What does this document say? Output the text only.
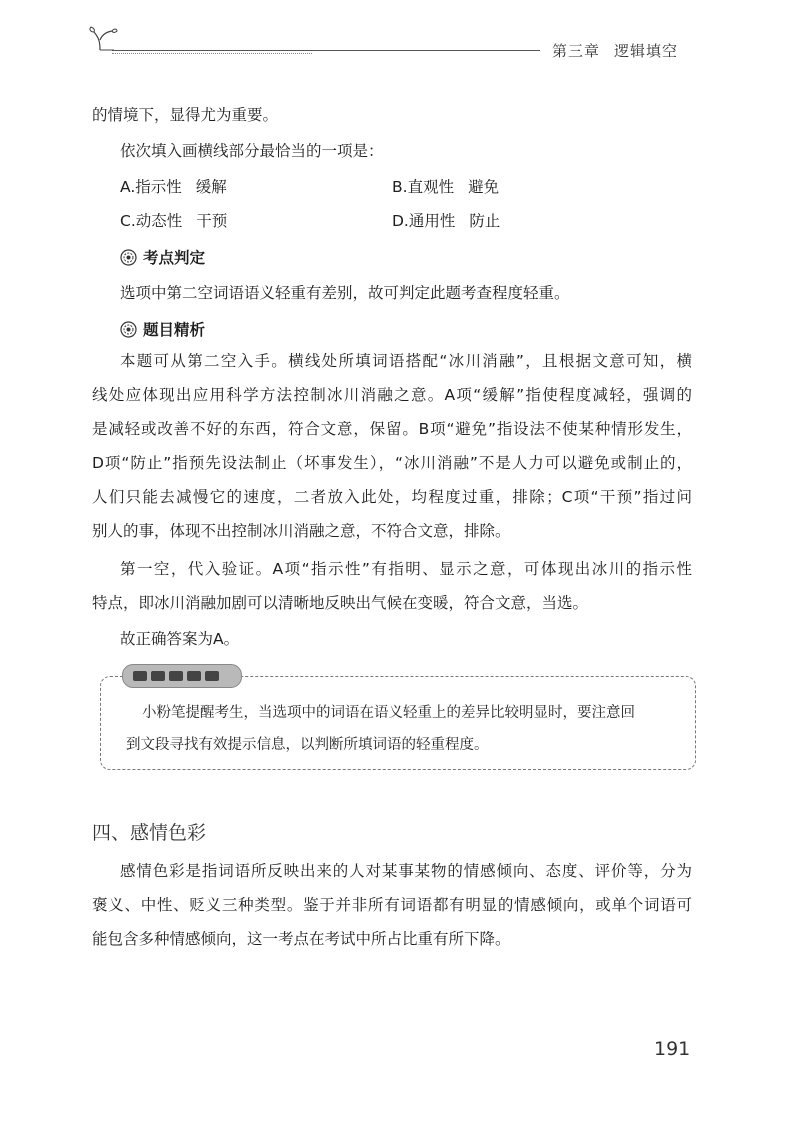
第三章 逻辑填空
的情境下，显得尤为重要。
依次填入画横线部分最恰当的一项是：
A.指示性 缓解	B.直观性 避免
C.动态性 干预	D.通用性 防止
考点判定
选项中第二空词语语义轻重有差别，故可判定此题考查程度轻重。
题目精析
本题可从第二空入手。横线处所填词语搭配“冰川消融”，且根据文意可知，横
线处应体现出应用科学方法控制冰川消融之意。A项“缓解”指使程度减轻，强调的
是减轻或改善不好的东西，符合文意，保留。B项“避免”指设法不使某种情形发生，
D项“防止”指预先设法制止（坏事发生），“冰川消融”不是人力可以避免或制止的，
人们只能去减慢它的速度，二者放入此处，均程度过重，排除；C项“干预”指过问
别人的事，体现不出控制冰川消融之意，不符合文意，排除。
第一空，代入验证。A项“指示性”有指明、显示之意，可体现出冰川的指示性
特点，即冰川消融加剧可以清晰地反映出气候在变暖，符合文意，当选。
故正确答案为A。
小粉笔提醒考生，当选项中的词语在语义轻重上的差异比较明显时，要注意回
到文段寻找有效提示信息，以判断所填词语的轻重程度。
四、感情色彩
感情色彩是指词语所反映出来的人对某事某物的情感倾向、态度、评价等，分为
褒义、中性、贬义三种类型。鉴于并非所有词语都有明显的情感倾向，或单个词语可
能包含多种情感倾向，这一考点在考试中所占比重有所下降。
191
